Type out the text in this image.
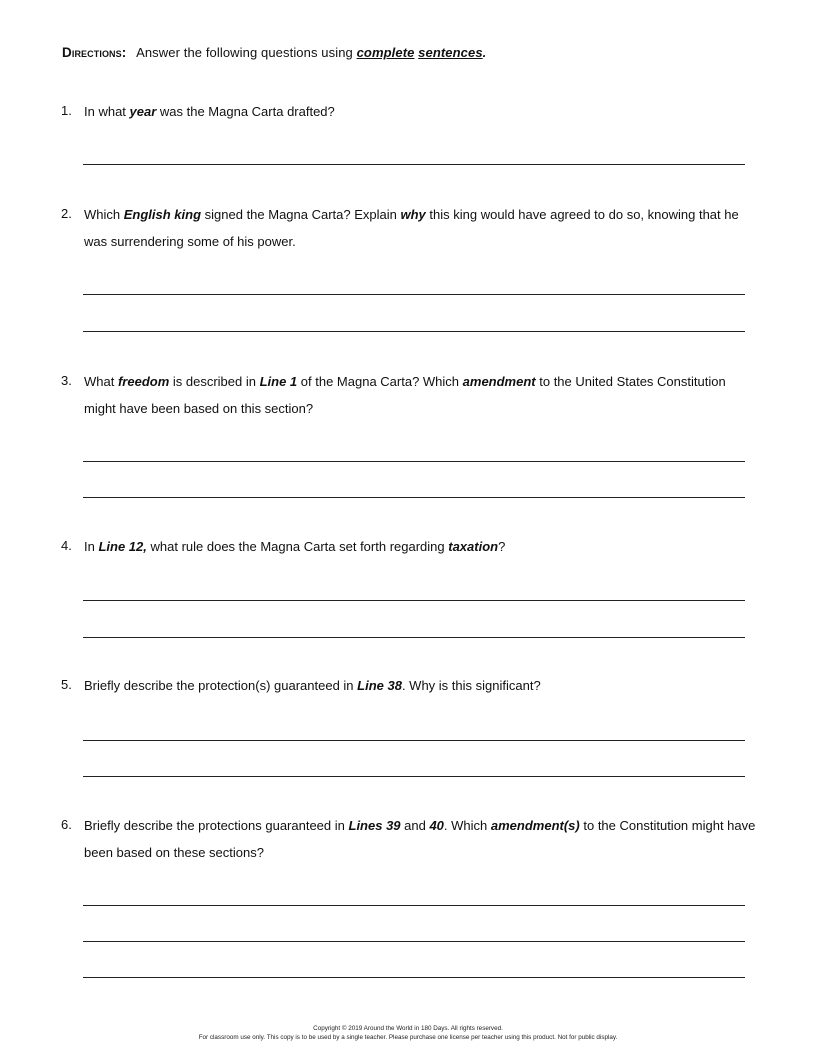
Directions: Answer the following questions using complete sentences.
1. In what year was the Magna Carta drafted?
2. Which English king signed the Magna Carta? Explain why this king would have agreed to do so, knowing that he was surrendering some of his power.
3. What freedom is described in Line 1 of the Magna Carta? Which amendment to the United States Constitution might have been based on this section?
4. In Line 12, what rule does the Magna Carta set forth regarding taxation?
5. Briefly describe the protection(s) guaranteed in Line 38. Why is this significant?
6. Briefly describe the protections guaranteed in Lines 39 and 40. Which amendment(s) to the Constitution might have been based on these sections?
Copyright © 2019 Around the World in 180 Days. All rights reserved.
For classroom use only. This copy is to be used by a single teacher. Please purchase one license per teacher using this product. Not for public display.
